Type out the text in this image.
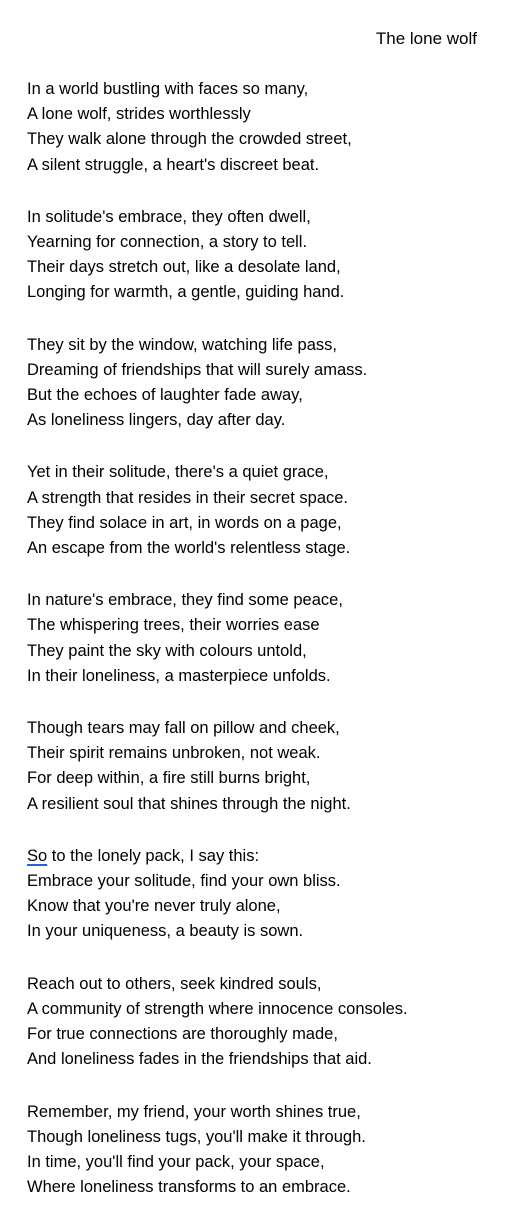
The lone wolf
In a world bustling with faces so many,
A lone wolf, strides worthlessly
They walk alone through the crowded street,
A silent struggle, a heart's discreet beat.
In solitude's embrace, they often dwell,
Yearning for connection, a story to tell.
Their days stretch out, like a desolate land,
Longing for warmth, a gentle, guiding hand.
They sit by the window, watching life pass,
Dreaming of friendships that will surely amass.
But the echoes of laughter fade away,
As loneliness lingers, day after day.
Yet in their solitude, there's a quiet grace,
A strength that resides in their secret space.
They find solace in art, in words on a page,
An escape from the world's relentless stage.
In nature's embrace, they find some peace,
The whispering trees, their worries ease
They paint the sky with colours untold,
In their loneliness, a masterpiece unfolds.
Though tears may fall on pillow and cheek,
Their spirit remains unbroken, not weak.
For deep within, a fire still burns bright,
A resilient soul that shines through the night.
So to the lonely pack, I say this:
Embrace your solitude, find your own bliss.
Know that you're never truly alone,
In your uniqueness, a beauty is sown.
Reach out to others, seek kindred souls,
A community of strength where innocence consoles.
For true connections are thoroughly made,
And loneliness fades in the friendships that aid.
Remember, my friend, your worth shines true,
Though loneliness tugs, you'll make it through.
In time, you'll find your pack, your space,
Where loneliness transforms to an embrace.
